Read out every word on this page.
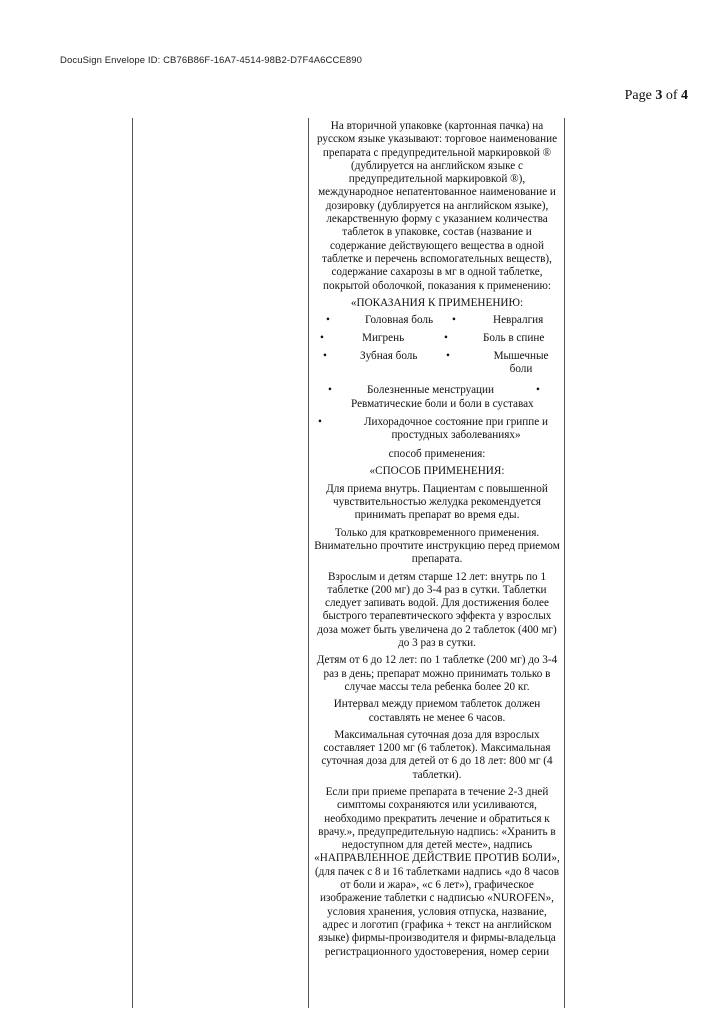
DocuSign Envelope ID: CB76B86F-16A7-4514-98B2-D7F4A6CCE890
Page 3 of 4

На вторичной упаковке (картонная пачка) на русском языке указывают: торговое наименование препарата с предупредительной маркировкой ® (дублируется на английском языке с предупредительной маркировкой ®), международное непатентованное наименование и дозировку (дублируется на английском языке), лекарственную форму с указанием количества таблеток в упаковке, состав (название и содержание действующего вещества в одной таблетке и перечень вспомогательных веществ), содержание сахарозы в мг в одной таблетке, покрытой оболочкой, показания к применению:

«ПОКАЗАНИЯ К ПРИМЕНЕНИЮ:

•	Головная боль •	Невралгия
•	Мигрень	•	Боль в спине
•	Зубная боль	•	Мышечные боли
•	Болезненные менструации	•
Ревматические боли и боли в суставах
•	Лихорадочное состояние при гриппе и простудных заболеваниях»

способ применения:

«СПОСОБ ПРИМЕНЕНИЯ:

Для приема внутрь. Пациентам с повышенной чувствительностью желудка рекомендуется принимать препарат во время еды.

Только для кратковременного применения. Внимательно прочтите инструкцию перед приемом препарата.

Взрослым и детям старше 12 лет: внутрь по 1 таблетке (200 мг) до 3-4 раз в сутки. Таблетки следует запивать водой. Для достижения более быстрого терапевтического эффекта у взрослых доза может быть увеличена до 2 таблеток (400 мг) до 3 раз в сутки.

Детям от 6 до 12 лет: по 1 таблетке (200 мг) до 3-4 раз в день; препарат можно принимать только в случае массы тела ребенка более 20 кг.

Интервал между приемом таблеток должен составлять не менее 6 часов.

Максимальная суточная доза для взрослых составляет 1200 мг (6 таблеток). Максимальная суточная доза для детей от 6 до 18 лет: 800 мг (4 таблетки).

Если при приеме препарата в течение 2-3 дней симптомы сохраняются или усиливаются, необходимо прекратить лечение и обратиться к врачу.», предупредительную надпись: «Хранить в недоступном для детей месте», надпись «НАПРАВЛЕННОЕ ДЕЙСТВИЕ ПРОТИВ БОЛИ», (для пачек с 8 и 16 таблетками надпись «до 8 часов от боли и жара», «с 6 лет»), графическое изображение таблетки с надписью «NUROFEN», условия хранения, условия отпуска, название, адрес и логотип (графика + текст на английском языке) фирмы-производителя и фирмы-владельца регистрационного удостоверения, номер серии
